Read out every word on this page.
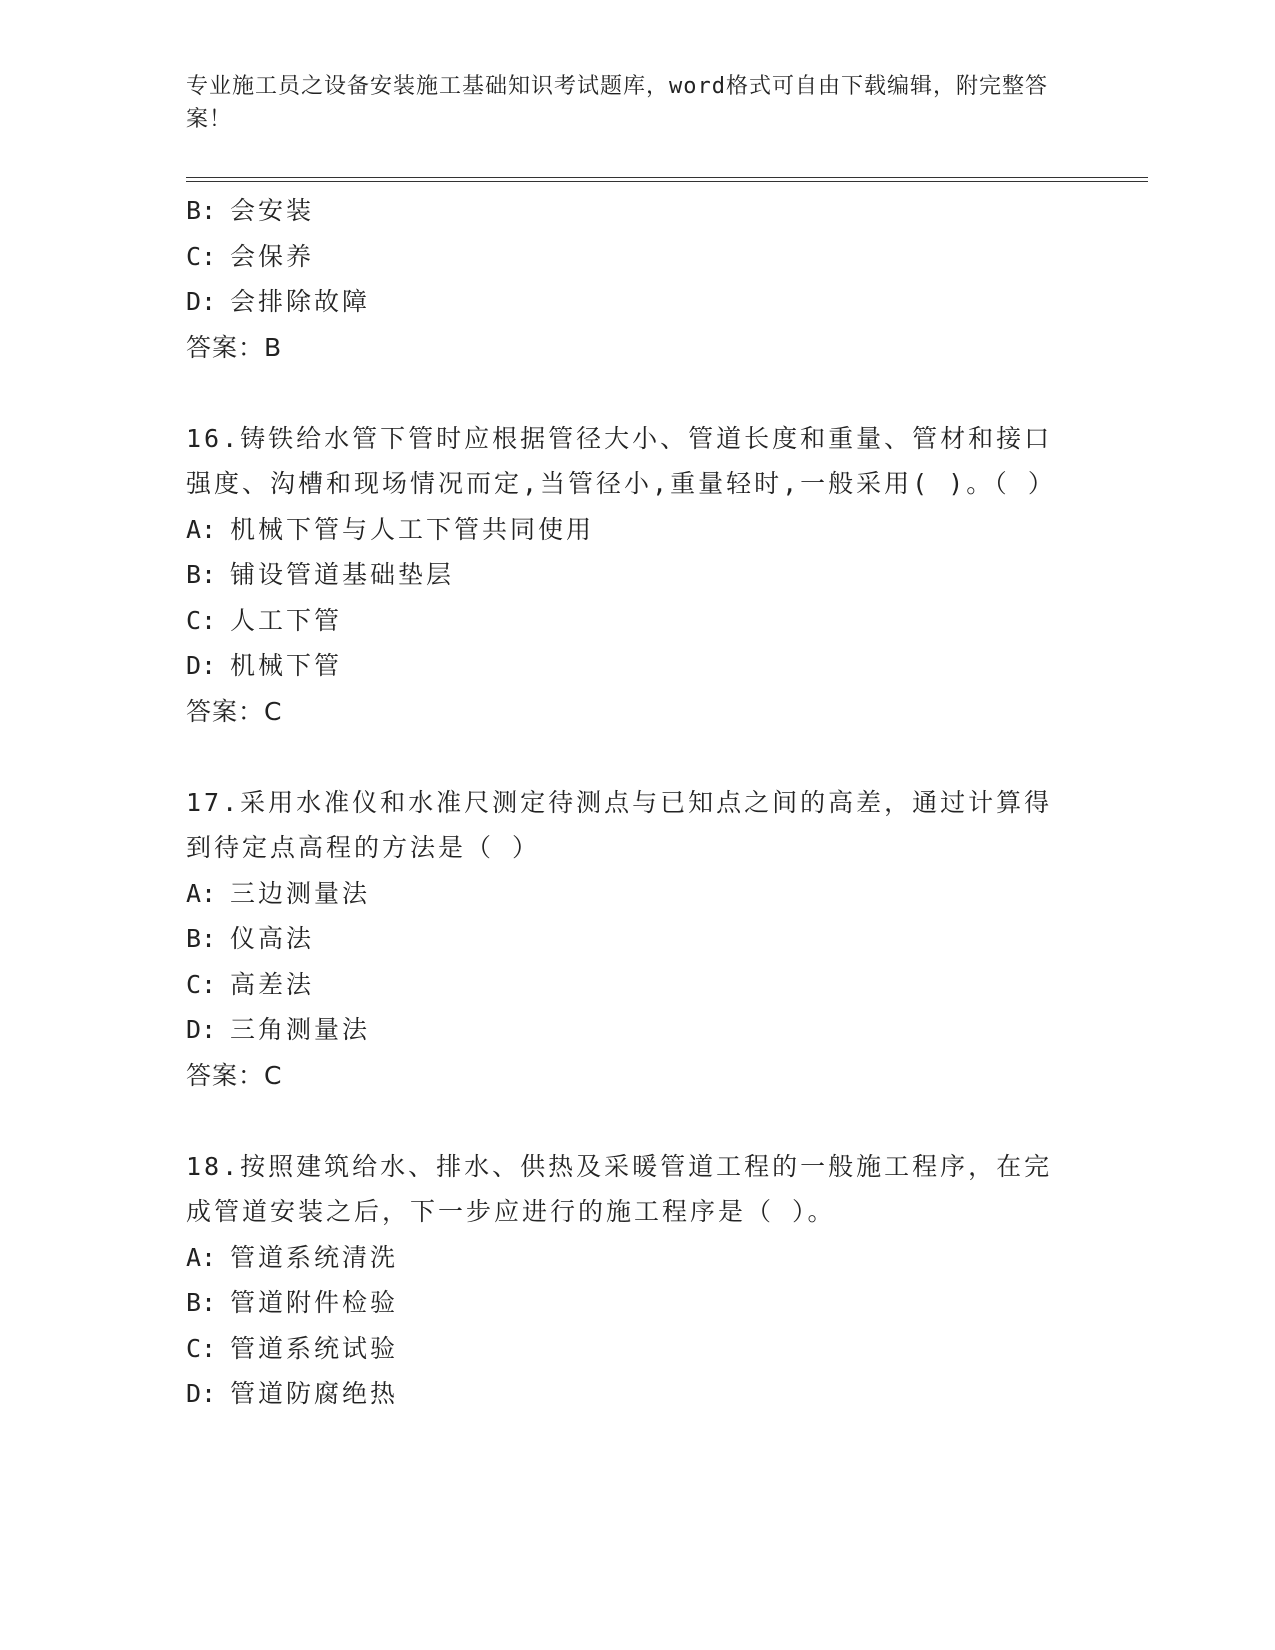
专业施工员之设备安装施工基础知识考试题库，word格式可自由下载编辑，附完整答案！
B: 会安装
C: 会保养
D: 会排除故障
答案：B
16.铸铁给水管下管时应根据管径大小、管道长度和重量、管材和接口强度、沟槽和现场情况而定,当管径小,重量轻时,一般采用( )。（ ）
A: 机械下管与人工下管共同使用
B: 铺设管道基础垫层
C: 人工下管
D: 机械下管
答案：C
17.采用水准仪和水准尺测定待测点与已知点之间的高差，通过计算得到待定点高程的方法是（ ）
A: 三边测量法
B: 仪高法
C: 高差法
D: 三角测量法
答案：C
18.按照建筑给水、排水、供热及采暖管道工程的一般施工程序，在完成管道安装之后，下一步应进行的施工程序是（ ）。
A: 管道系统清洗
B: 管道附件检验
C: 管道系统试验
D: 管道防腐绝热
